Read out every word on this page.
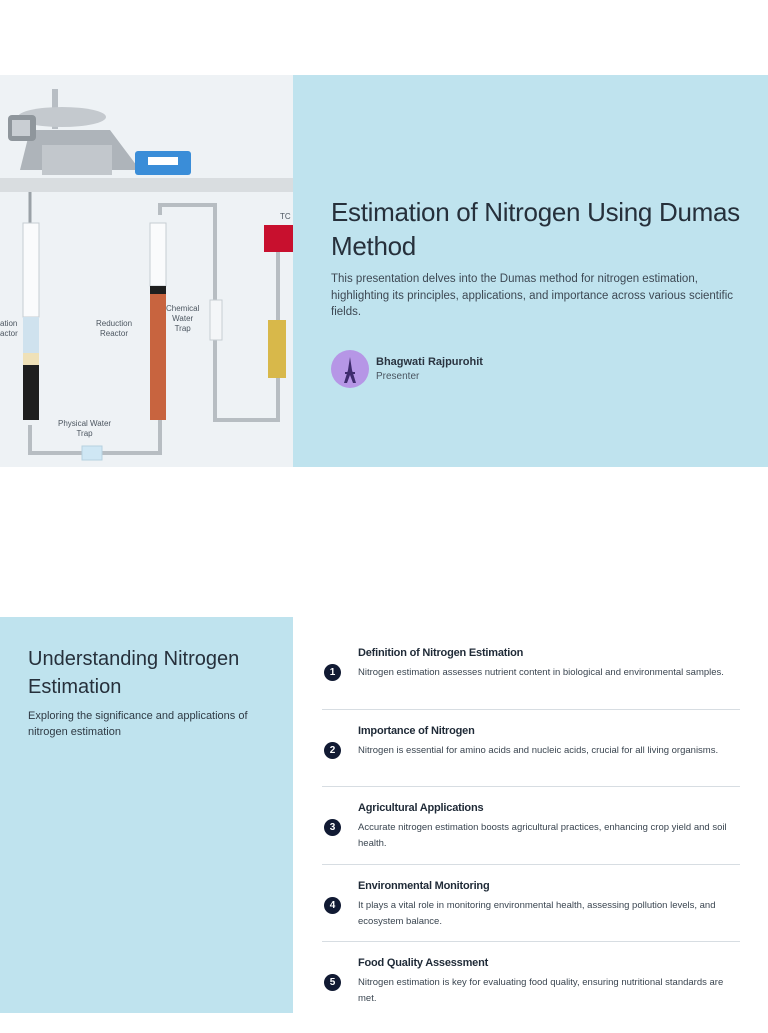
ation
actor
Reduction
Reactor
Chemical
Water
Trap
Physical Water
Trap
TC Estimation of Nitrogen Using Dumas Method
This presentation delves into the Dumas method for nitrogen estimation, highlighting its principles, applications, and importance across various scientific fields.
Bhagwati Rajpurohit
Presenter
Understanding Nitrogen Estimation
Exploring the significance and applications of nitrogen estimation
1
Definition of Nitrogen Estimation
Nitrogen estimation assesses nutrient content in biological and environmental samples.
2
Importance of Nitrogen
Nitrogen is essential for amino acids and nucleic acids, crucial for all living organisms.
3
Agricultural Applications
Accurate nitrogen estimation boosts agricultural practices, enhancing crop yield and soil health.
4
Environmental Monitoring
It plays a vital role in monitoring environmental health, assessing pollution levels, and ecosystem balance.
5
Food Quality Assessment
Nitrogen estimation is key for evaluating food quality, ensuring nutritional standards are met.
